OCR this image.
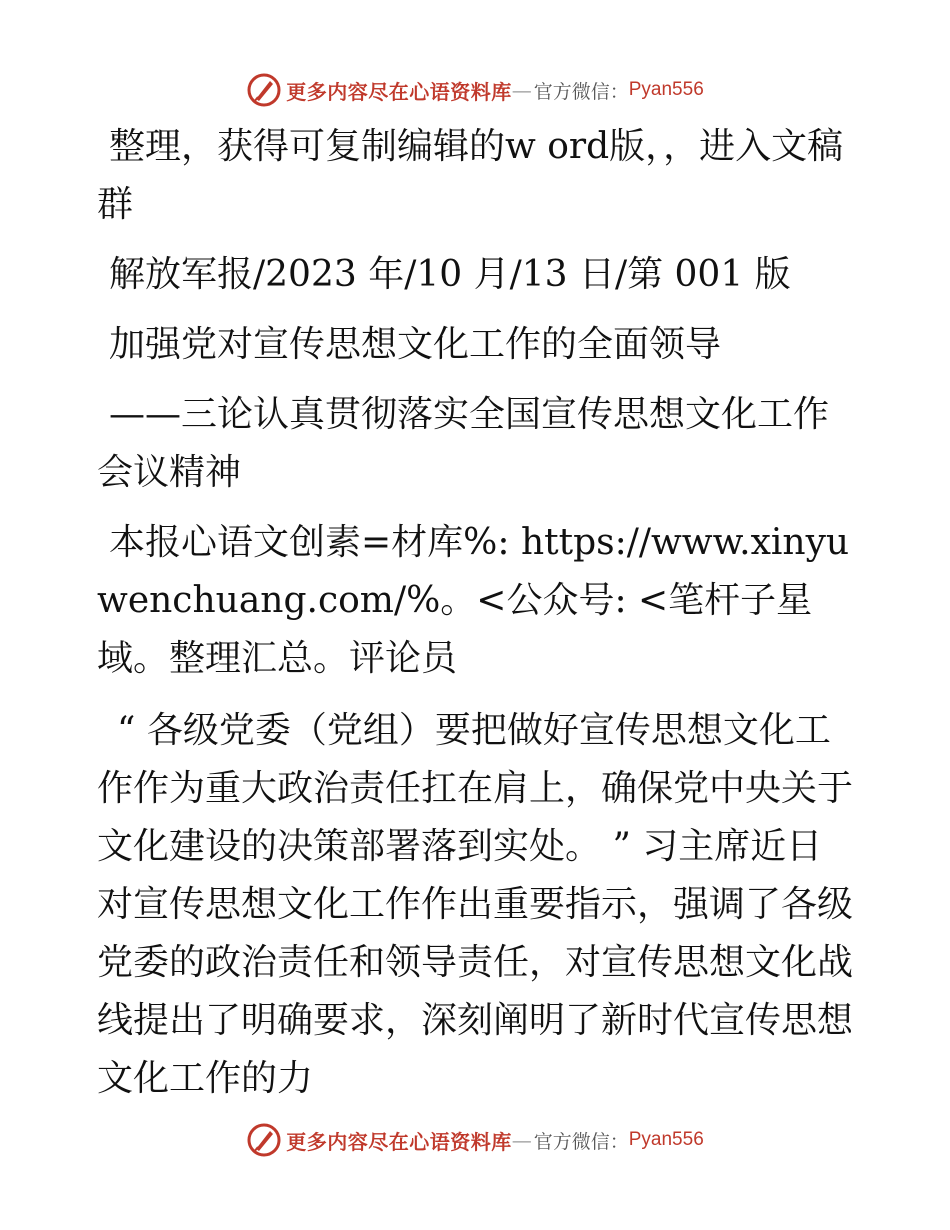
更多内容尽在心语资料库 — 官方微信： Pyan556

整理，获得可复制编辑的w ord版，，进入文稿群

解放军报/2023 年/10 月/13 日/第 001 版

加强党对宣传思想文化工作的全面领导

——三论认真贯彻落实全国宣传思想文化工作会议精神

本报心语文创素=材库%: https://www.xinyuwenchuang.com/%。<公众号: <笔杆子星域。整理汇总。评论员

“ 各级党委（党组）要把做好宣传思想文化工作作为重大政治责任扛在肩上，确保党中央关于文化建设的决策部署落到实处。 ” 习主席近日对宣传思想文化工作作出重要指示，强调了各级党委的政治责任和领导责任，对宣传思想文化战线提出了明确要求，深刻阐明了新时代宣传思想文化工作的力

更多内容尽在心语资料库 — 官方微信： Pyan556
